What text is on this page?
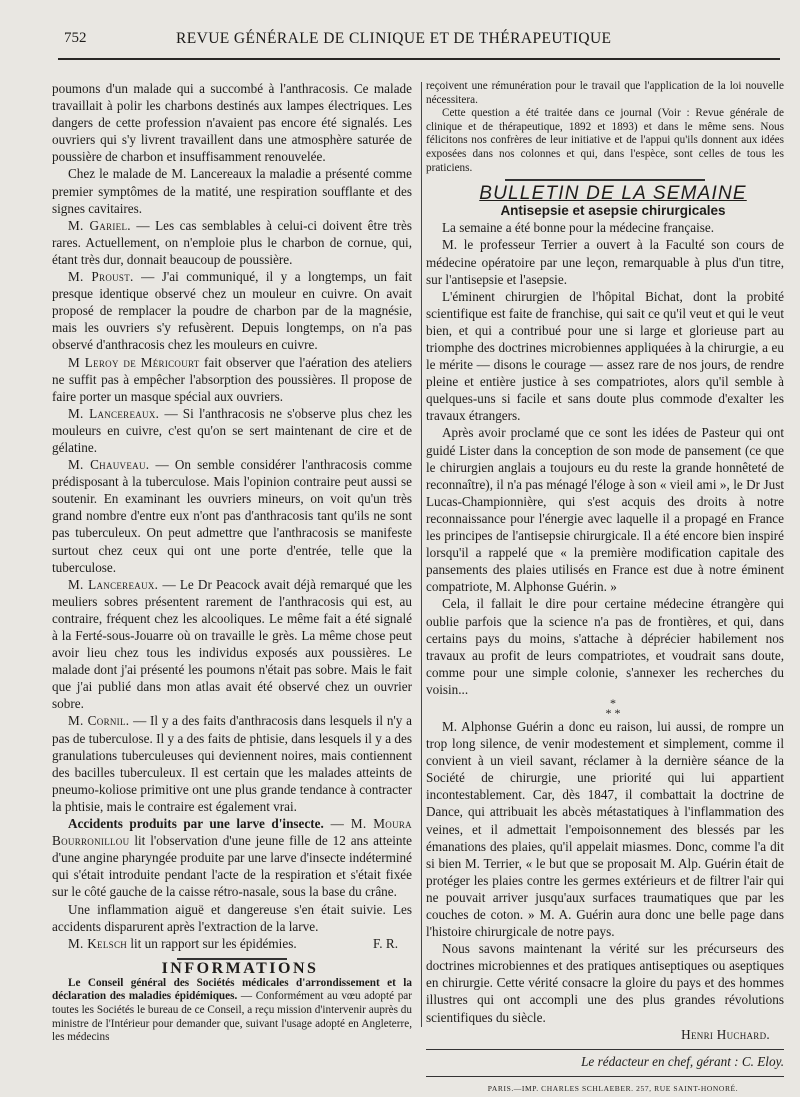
752	REVUE GÉNÉRALE DE CLINIQUE ET DE THÉRAPEUTIQUE

poumons d'un malade qui a succombé à l'anthracosis. Ce malade travaillait à polir les charbons destinés aux lampes électriques. Les dangers de cette profession n'avaient pas encore été signalés. Les ouvriers qui s'y livrent travaillent dans une atmosphère saturée de poussière de charbon et insuffisamment renouvelée.

Chez le malade de M. Lancereaux la maladie a présenté comme premier symptômes de la matité, une respiration soufflante et des signes cavitaires.

M. Gariel. — Les cas semblables à celui-ci doivent être très rares. Actuellement, on n'emploie plus le charbon de cornue, qui, étant très dur, donnait beaucoup de poussière.

M. Proust. — J'ai communiqué, il y a longtemps, un fait presque identique observé chez un mouleur en cuivre. On avait proposé de remplacer la poudre de charbon par de la magnésie, mais les ouvriers s'y refusèrent. Depuis longtemps, on n'a pas observé d'anthracosis chez les mouleurs en cuivre.

M Leroy de Méricourt fait observer que l'aération des ateliers ne suffit pas à empêcher l'absorption des poussières. Il propose de faire porter un masque spécial aux ouvriers.

M. Lancereaux. — Si l'anthracosis ne s'observe plus chez les mouleurs en cuivre, c'est qu'on se sert maintenant de cire et de gélatine.

M. Chauveau. — On semble considérer l'anthracosis comme prédisposant à la tuberculose. Mais l'opinion contraire peut aussi se soutenir. En examinant les ouvriers mineurs, on voit qu'un très grand nombre d'entre eux n'ont pas d'anthracosis tant qu'ils ne sont pas tuberculeux. On peut admettre que l'anthracosis se manifeste surtout chez ceux qui ont une porte d'entrée, telle que la tuberculose.

M. Lancereaux. — Le Dr Peacock avait déjà remarqué que les meuliers sobres présentent rarement de l'anthracosis qui est, au contraire, fréquent chez les alcooliques. Le même fait a été signalé à la Ferté-sous-Jouarre où on travaille le grès. La même chose peut avoir lieu chez tous les individus exposés aux poussières. Le malade dont j'ai présenté les poumons n'était pas sobre. Mais le fait que j'ai publié dans mon atlas avait été observé chez un ouvrier sobre.

M. Cornil. — Il y a des faits d'anthracosis dans lesquels il n'y a pas de tuberculose. Il y a des faits de phtisie, dans lesquels il y a des granulations tuberculeuses qui deviennent noires, mais contiennent des bacilles tuberculeux. Il est certain que les malades atteints de pneumo-koliose primitive ont une plus grande tendance à contracter la phtisie, mais le contraire est également vrai.

Accidents produits par une larve d'insecte. — M. Moura Bourronillou lit l'observation d'une jeune fille de 12 ans atteinte d'une angine pharyngée produite par une larve d'insecte indéterminé qui s'était introduite pendant l'acte de la respiration et s'était fixée sur le côté gauche de la caisse rétro-nasale, sous la base du crâne.

Une inflammation aiguë et dangereuse s'en était suivie. Les accidents disparurent après l'extraction de la larve.

M. Kelsch lit un rapport sur les épidémies.	F. R.

INFORMATIONS

Le Conseil général des Sociétés médicales d'arrondissement et la déclaration des maladies épidémiques. — Conformément au vœu adopté par toutes les Sociétés le bureau de ce Conseil, a reçu mission d'intervenir auprès du ministre de l'Intérieur pour demander que, suivant l'usage adopté en Angleterre, les médecins

reçoivent une rémunération pour le travail que l'application de la loi nouvelle nécessitera.

Cette question a été traitée dans ce journal (Voir : Revue générale de clinique et de thérapeutique, 1892 et 1893) et dans le même sens. Nous félicitons nos confrères de leur initiative et de l'appui qu'ils donnent aux idées exposées dans nos colonnes et qui, dans l'espèce, sont celles de tous les praticiens.

BULLETIN DE LA SEMAINE

Antisepsie et asepsie chirurgicales

La semaine a été bonne pour la médecine française.

M. le professeur Terrier a ouvert à la Faculté son cours de médecine opératoire par une leçon, remarquable à plus d'un titre, sur l'antisepsie et l'asepsie.

L'éminent chirurgien de l'hôpital Bichat, dont la probité scientifique est faite de franchise, qui sait ce qu'il veut et qui le veut bien, et qui a contribué pour une si large et glorieuse part au triomphe des doctrines microbiennes appliquées à la chirurgie, a eu le mérite — disons le courage — assez rare de nos jours, de rendre pleine et entière justice à ses compatriotes, alors qu'il semble à quelques-uns si facile et sans doute plus commode d'exalter les travaux étrangers.

Après avoir proclamé que ce sont les idées de Pasteur qui ont guidé Lister dans la conception de son mode de pansement (ce que le chirurgien anglais a toujours eu du reste la grande honnêteté de reconnaître), il n'a pas ménagé l'éloge à son « vieil ami », le Dr Just Lucas-Championnière, qui s'est acquis des droits à notre reconnaissance pour l'énergie avec laquelle il a propagé en France les principes de l'antisepsie chirurgicale. Il a été encore bien inspiré lorsqu'il a rappelé que « la première modification capitale des pansements des plaies utilisés en France est due à notre éminent compatriote, M. Alphonse Guérin. »

Cela, il fallait le dire pour certaine médecine étrangère qui oublie parfois que la science n'a pas de frontières, et qui, dans certains pays du moins, s'attache à déprécier habilement nos travaux au profit de leurs compatriotes, et voudrait sans doute, comme pour une simple colonie, s'annexer les recherches du voisin...

*

* *

M. Alphonse Guérin a donc eu raison, lui aussi, de rompre un trop long silence, de venir modestement et simplement, comme il convient à un vieil savant, réclamer à la dernière séance de la Société de chirurgie, une priorité qui lui appartient incontestablement. Car, dès 1847, il combattait la doctrine de Dance, qui attribuait les abcès métastatiques à l'inflammation des veines, et il admettait l'empoisonnement des blessés par les émanations des plaies, qu'il appelait miasmes. Donc, comme l'a dit si bien M. Terrier, « le but que se proposait M. Alp. Guérin était de protéger les plaies contre les germes extérieurs et de filtrer l'air qui ne pouvait arriver jusqu'aux surfaces traumatiques que par les couches de coton. » M. A. Guérin aura donc une belle page dans l'histoire chirurgicale de notre pays.

Nous savons maintenant la vérité sur les précurseurs des doctrines microbiennes et des pratiques antiseptiques ou aseptiques en chirurgie. Cette vérité consacre la gloire du pays et des hommes illustres qui ont accompli une des plus grandes révolutions scientifiques du siècle.

Henri Huchard.

Le rédacteur en chef, gérant : C. Eloy.

PARIS.—IMP. CHARLES SCHLAEBER. 257, RUE SAINT-HONORÉ.
